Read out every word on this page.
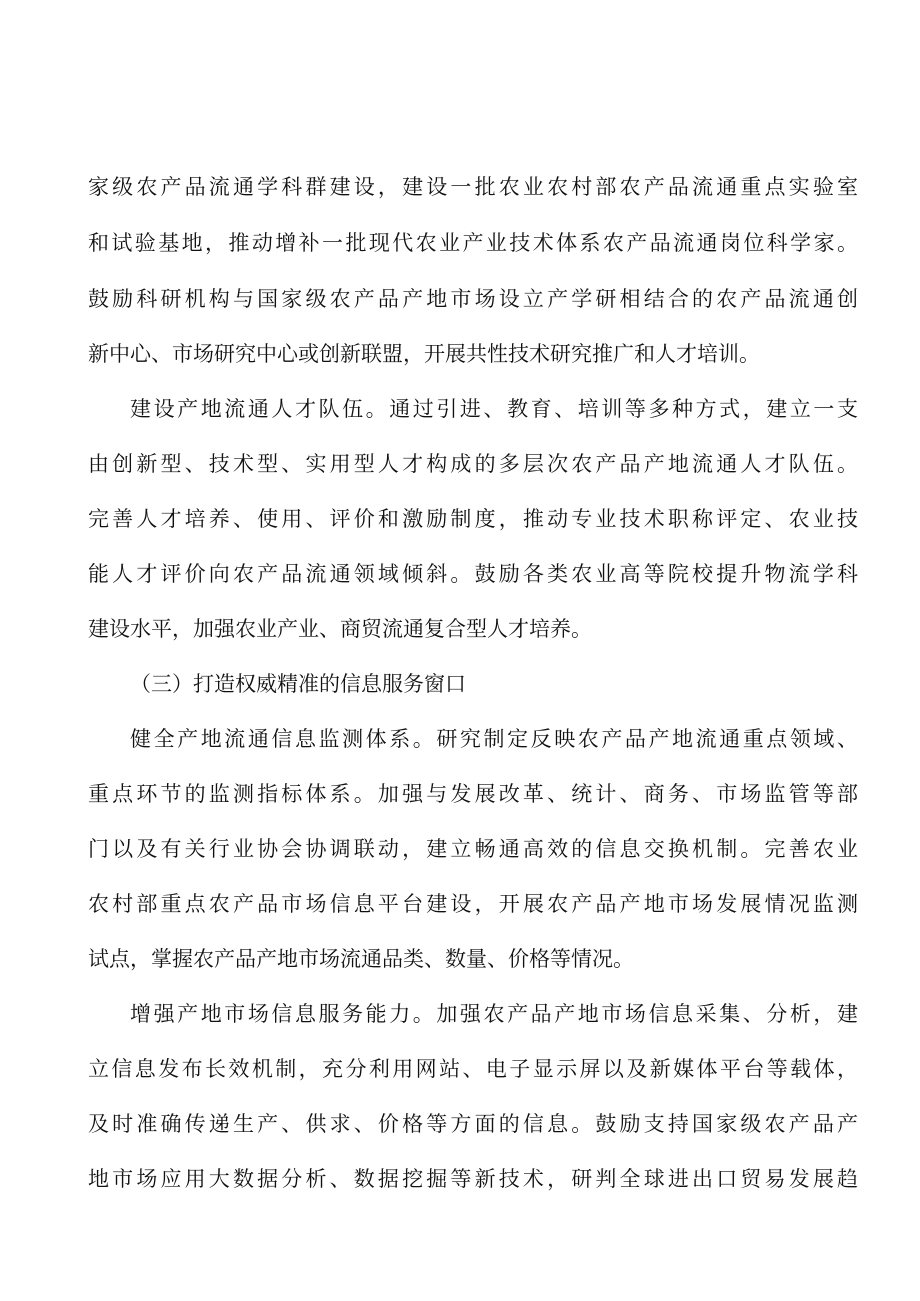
家级农产品流通学科群建设，建设一批农业农村部农产品流通重点实验室

和试验基地，推动增补一批现代农业产业技术体系农产品流通岗位科学家。

鼓励科研机构与国家级农产品产地市场设立产学研相结合的农产品流通创

新中心、市场研究中心或创新联盟，开展共性技术研究推广和人才培训。

建设产地流通人才队伍。通过引进、教育、培训等多种方式，建立一支

由创新型、技术型、实用型人才构成的多层次农产品产地流通人才队伍。

完善人才培养、使用、评价和激励制度，推动专业技术职称评定、农业技

能人才评价向农产品流通领域倾斜。鼓励各类农业高等院校提升物流学科

建设水平，加强农业产业、商贸流通复合型人才培养。

（三）打造权威精准的信息服务窗口

健全产地流通信息监测体系。研究制定反映农产品产地流通重点领域、

重点环节的监测指标体系。加强与发展改革、统计、商务、市场监管等部

门以及有关行业协会协调联动，建立畅通高效的信息交换机制。完善农业

农村部重点农产品市场信息平台建设，开展农产品产地市场发展情况监测

试点，掌握农产品产地市场流通品类、数量、价格等情况。

增强产地市场信息服务能力。加强农产品产地市场信息采集、分析，建

立信息发布长效机制，充分利用网站、电子显示屏以及新媒体平台等载体，

及时准确传递生产、供求、价格等方面的信息。鼓励支持国家级农产品产

地市场应用大数据分析、数据挖掘等新技术，研判全球进出口贸易发展趋
